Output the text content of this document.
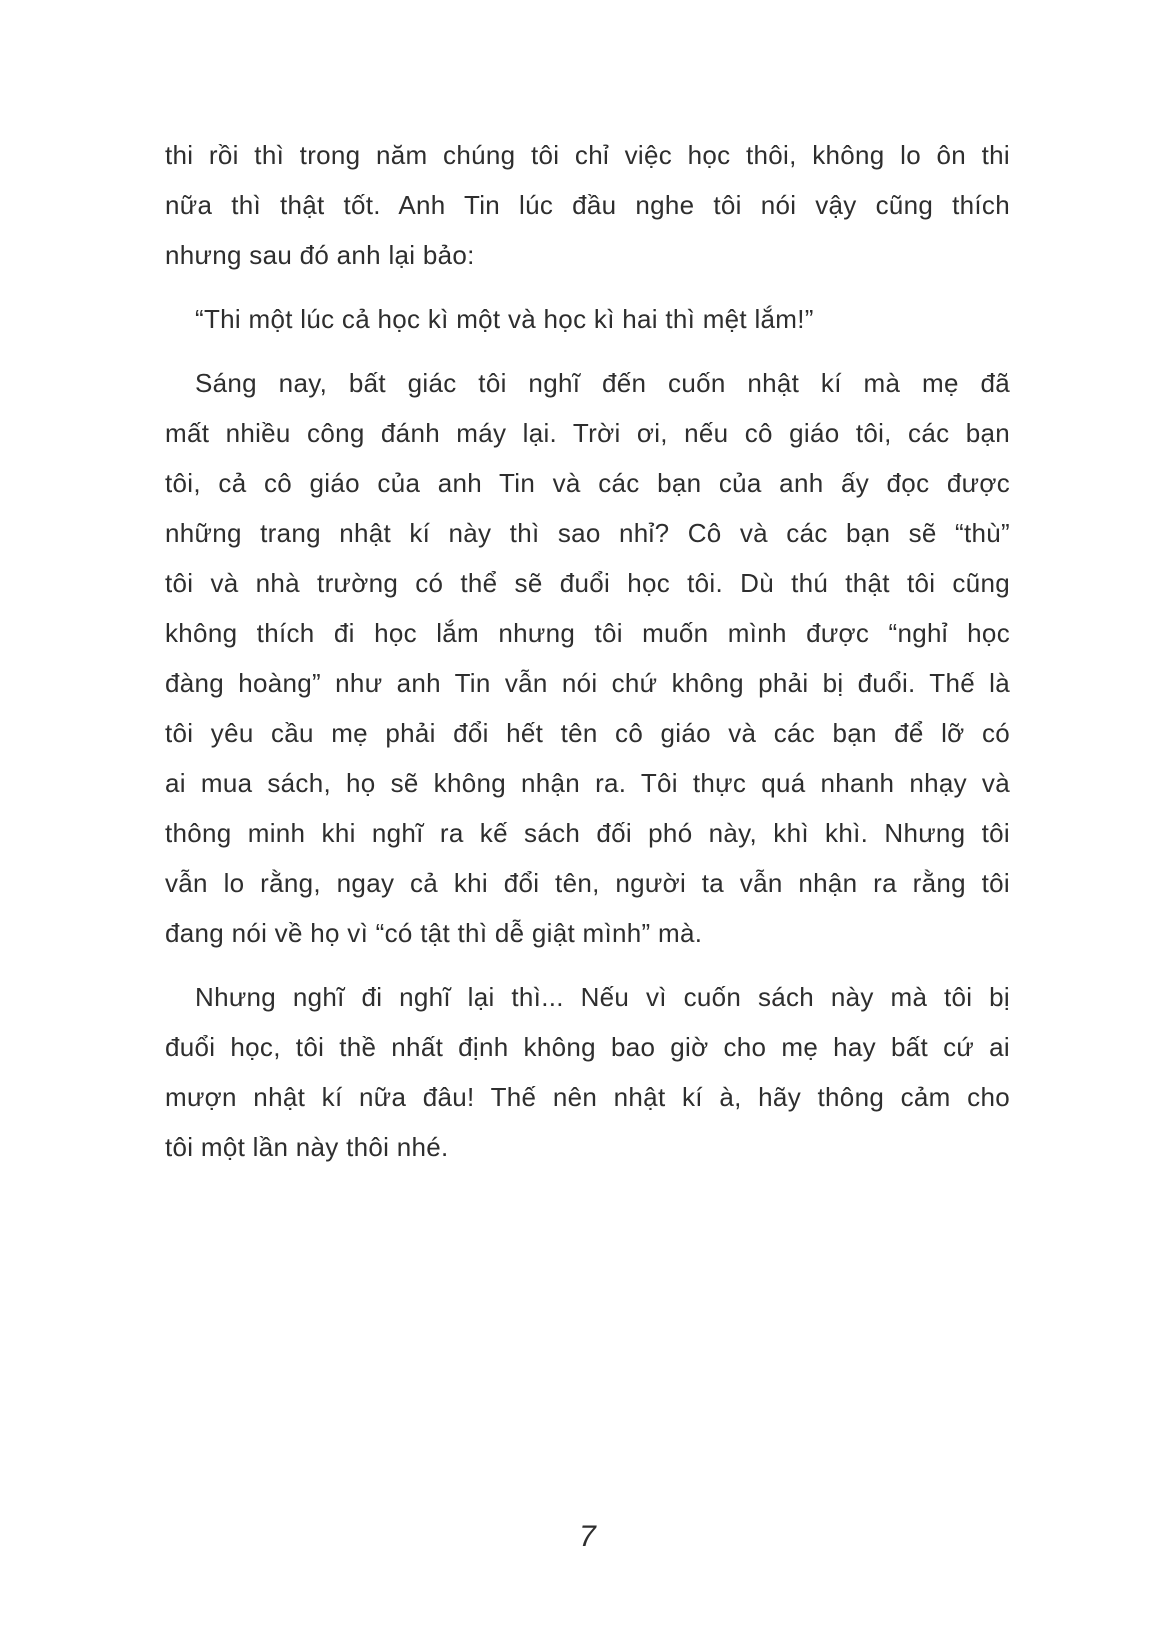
thi rồi thì trong năm chúng tôi chỉ việc học thôi, không lo ôn thi
nữa thì thật tốt. Anh Tin lúc đầu nghe tôi nói vậy cũng thích
nhưng sau đó anh lại bảo:
“Thi một lúc cả học kì một và học kì hai thì mệt lắm!”
Sáng nay, bất giác tôi nghĩ đến cuốn nhật kí mà mẹ đã
mất nhiều công đánh máy lại. Trời ơi, nếu cô giáo tôi, các bạn
tôi, cả cô giáo của anh Tin và các bạn của anh ấy đọc được
những trang nhật kí này thì sao nhỉ? Cô và các bạn sẽ “thù”
tôi và nhà trường có thể sẽ đuổi học tôi. Dù thú thật tôi cũng
không thích đi học lắm nhưng tôi muốn mình được “nghỉ học
đàng hoàng” như anh Tin vẫn nói chứ không phải bị đuổi. Thế là
tôi yêu cầu mẹ phải đổi hết tên cô giáo và các bạn để lỡ có
ai mua sách, họ sẽ không nhận ra. Tôi thực quá nhanh nhạy và
thông minh khi nghĩ ra kế sách đối phó này, khì khì. Nhưng tôi
vẫn lo rằng, ngay cả khi đổi tên, người ta vẫn nhận ra rằng tôi
đang nói về họ vì “có tật thì dễ giật mình” mà.
Nhưng nghĩ đi nghĩ lại thì... Nếu vì cuốn sách này mà tôi bị
đuổi học, tôi thề nhất định không bao giờ cho mẹ hay bất cứ ai
mượn nhật kí nữa đâu! Thế nên nhật kí à, hãy thông cảm cho
tôi một lần này thôi nhé.
7
